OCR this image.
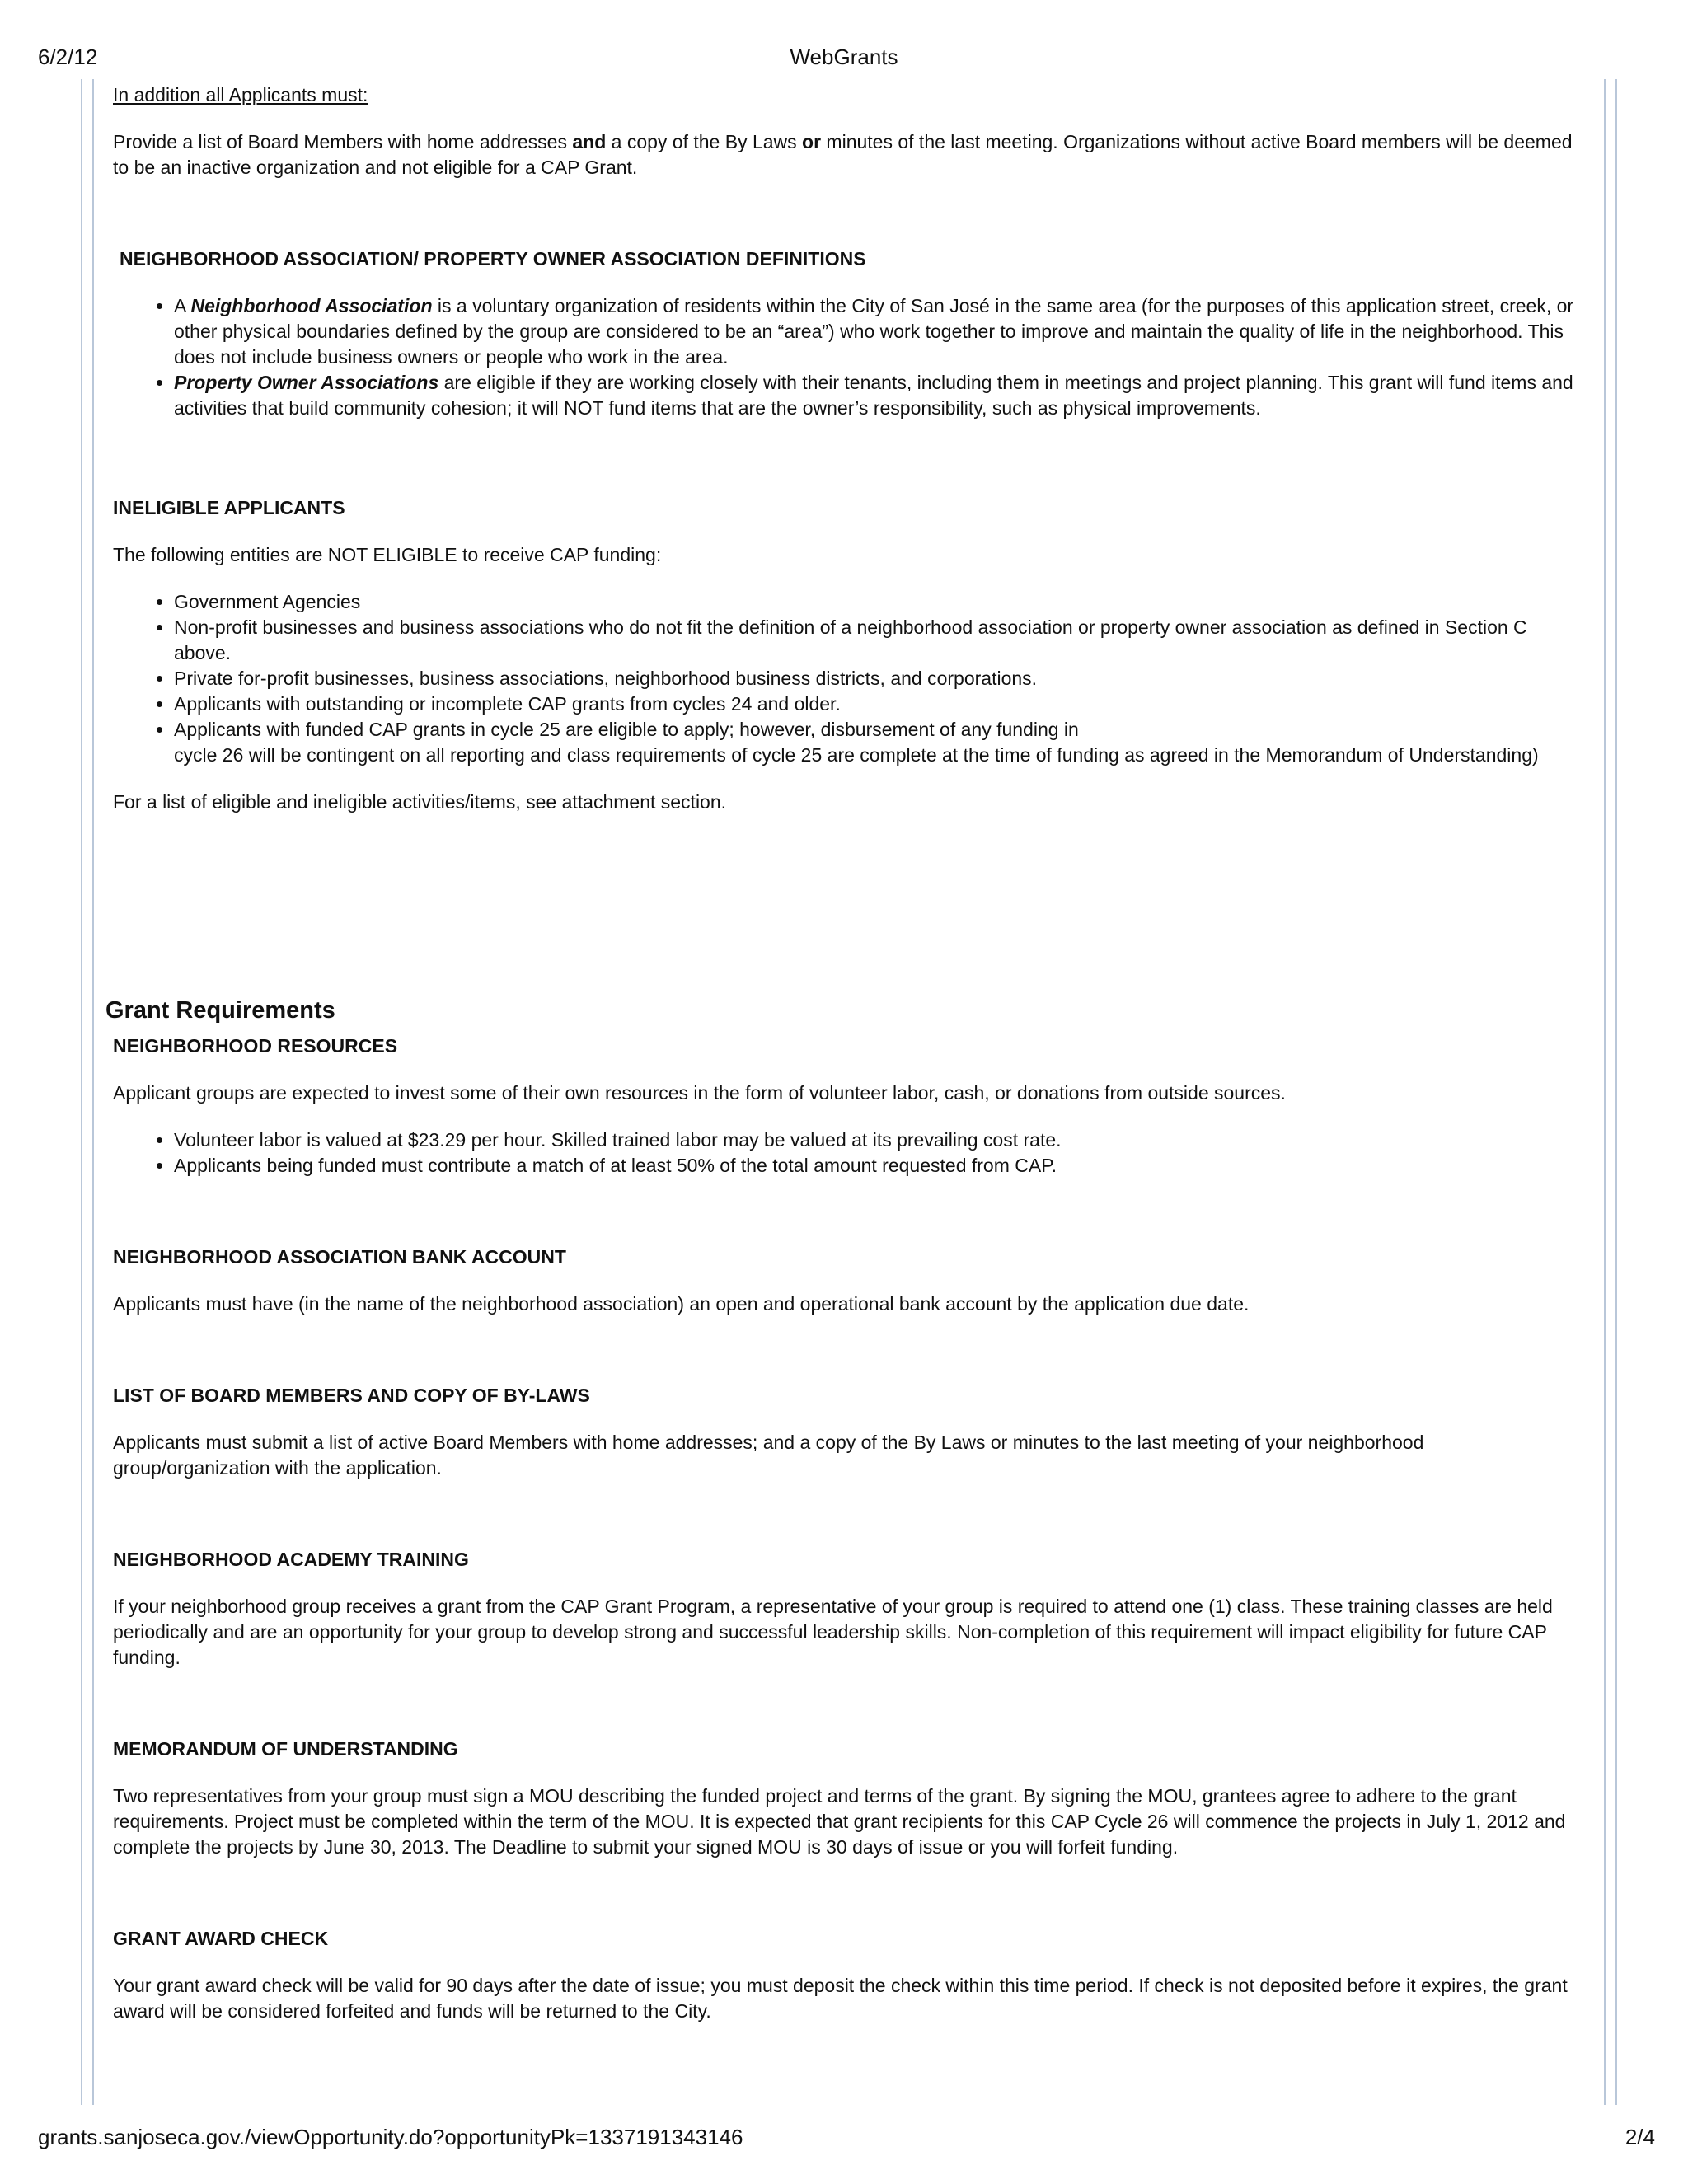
6/2/12	WebGrants

In addition all Applicants must:

Provide a list of Board Members with home addresses and a copy of the By Laws or minutes of the last meeting. Organizations without active Board members will be deemed to be an inactive organization and not eligible for a CAP Grant.

NEIGHBORHOOD ASSOCIATION/ PROPERTY OWNER ASSOCIATION DEFINITIONS
• A Neighborhood Association is a voluntary organization of residents within the City of San José in the same area (for the purposes of this application street, creek, or other physical boundaries defined by the group are considered to be an “area”) who work together to improve and maintain the quality of life in the neighborhood. This does not include business owners or people who work in the area.
• Property Owner Associations are eligible if they are working closely with their tenants, including them in meetings and project planning. This grant will fund items and activities that build community cohesion; it will NOT fund items that are the owner’s responsibility, such as physical improvements.
INELIGIBLE APPLICANTS

The following entities are NOT ELIGIBLE to receive CAP funding:

• Government Agencies
• Non-profit businesses and business associations who do not fit the definition of a neighborhood association or property owner association as defined in Section C above.
• Private for-profit businesses, business associations, neighborhood business districts, and corporations.
• Applicants with outstanding or incomplete CAP grants from cycles 24 and older.
• Applicants with funded CAP grants in cycle 25 are eligible to apply; however, disbursement of any funding in
cycle 26 will be contingent on all reporting and class requirements of cycle 25 are complete at the time of funding as agreed in the Memorandum of Understanding)

For a list of eligible and ineligible activities/items, see attachment section.

Grant Requirements
NEIGHBORHOOD RESOURCES

Applicant groups are expected to invest some of their own resources in the form of volunteer labor, cash, or donations from outside sources.

• Volunteer labor is valued at $23.29 per hour. Skilled trained labor may be valued at its prevailing cost rate.
• Applicants being funded must contribute a match of at least 50% of the total amount requested from CAP.
NEIGHBORHOOD ASSOCIATION BANK ACCOUNT

Applicants must have (in the name of the neighborhood association) an open and operational bank account by the application due date.

LIST OF BOARD MEMBERS AND COPY OF BY-LAWS

Applicants must submit a list of active Board Members with home addresses; and a copy of the By Laws or minutes to the last meeting of your neighborhood group/organization with the application.

NEIGHBORHOOD ACADEMY TRAINING

If your neighborhood group receives a grant from the CAP Grant Program, a representative of your group is required to attend one (1) class. These training classes are held periodically and are an opportunity for your group to develop strong and successful leadership skills. Non-completion of this requirement will impact eligibility for future CAP funding.

MEMORANDUM OF UNDERSTANDING

Two representatives from your group must sign a MOU describing the funded project and terms of the grant. By signing the MOU, grantees agree to adhere to the grant requirements. Project must be completed within the term of the MOU. It is expected that grant recipients for this CAP Cycle 26 will commence the projects in July 1, 2012 and complete the projects by June 30, 2013. The Deadline to submit your signed MOU is 30 days of issue or you will forfeit funding.

GRANT AWARD CHECK

Your grant award check will be valid for 90 days after the date of issue; you must deposit the check within this time period. If check is not deposited before it expires, the grant award will be considered forfeited and funds will be returned to the City.

grants.sanjoseca.gov./viewOpportunity.do?opportunityPk=1337191343146	2/4
